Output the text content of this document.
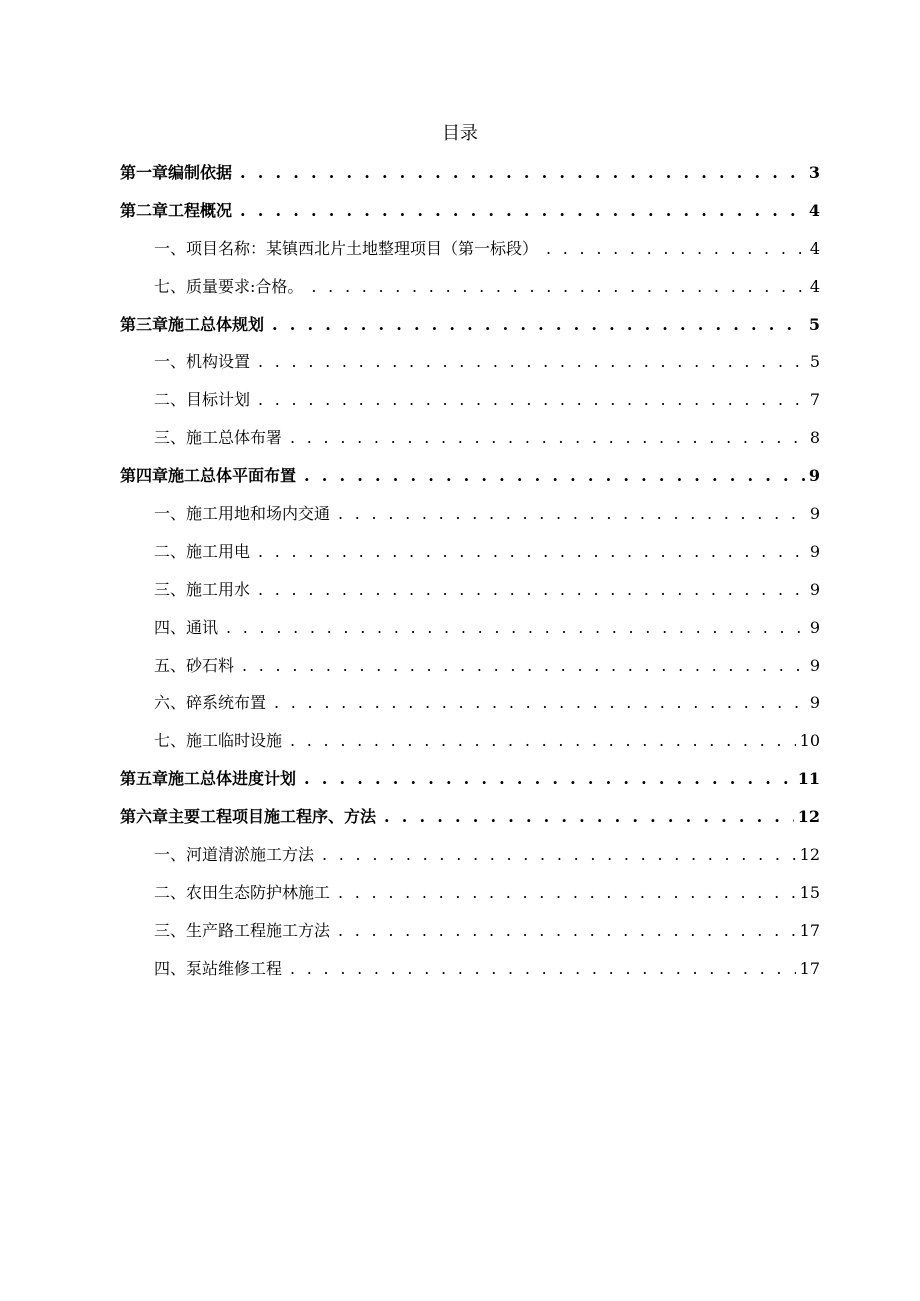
目录
第一章编制依据 . . .	3
第二章工程概况 . . .	4
一、项目名称：某镇西北片土地整理项目（第一标段） . . .	4
七、质量要求:合格。 . . .	4
第三章施工总体规划 . . .	5
一、机构设置 . . .	5
二、目标计划 . . .	7
三、施工总体布署 . . .	8
第四章施工总体平面布置 . . .	9
一、施工用地和场内交通 . . .	9
二、施工用电 . . .	9
三、施工用水 . . .	9
四、通讯 . . .	9
五、砂石料 . . .	9
六、碎系统布置 . . .	9
七、施工临时设施 . . .	10
第五章施工总体进度计划 . . .	11
第六章主要工程项目施工程序、方法 . . .	12
一、河道清淤施工方法 . . .	12
二、农田生态防护林施工 . . .	15
三、生产路工程施工方法 . . .	17
四、泵站维修工程 . . .	17
